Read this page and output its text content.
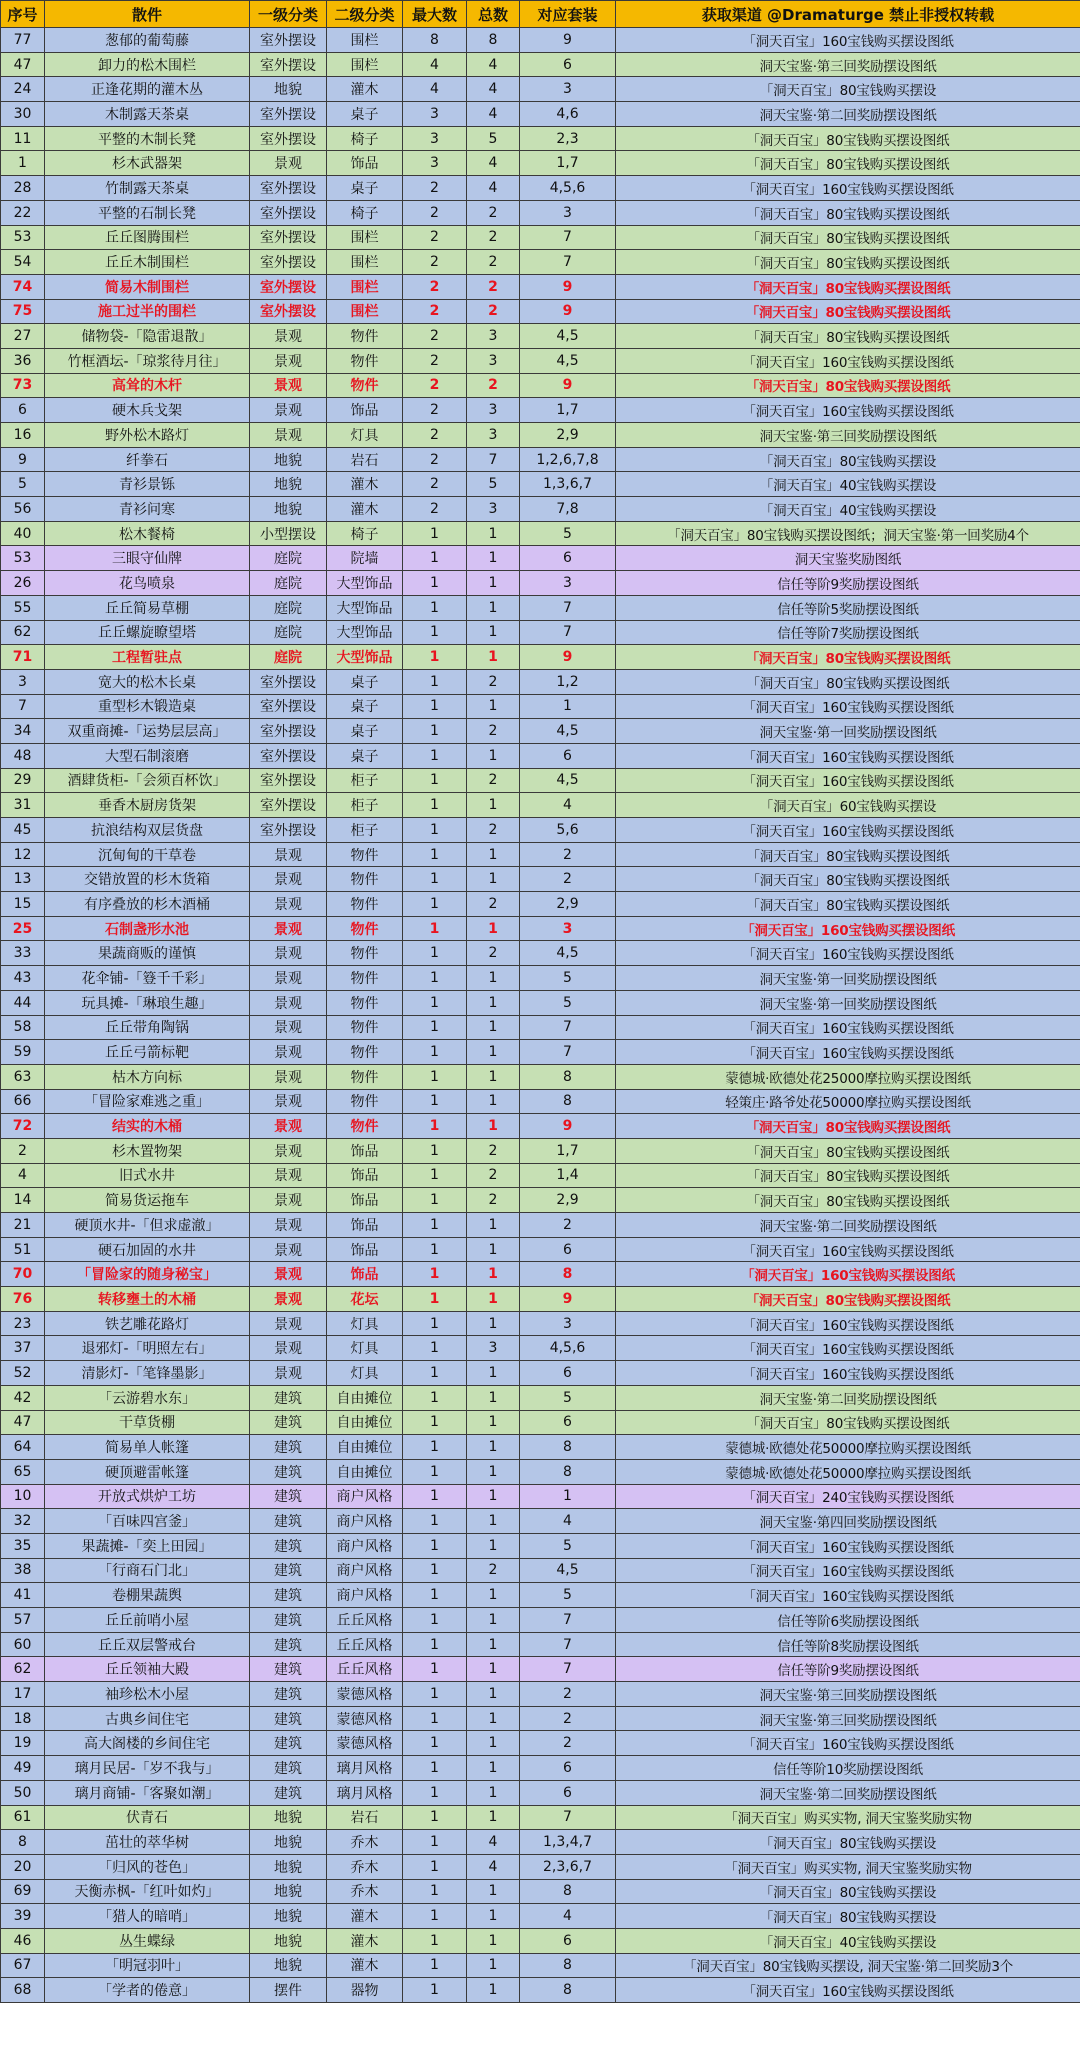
序号	散件	一级分类	二级分类	最大数	总数	对应套装	获取渠道 @Dramaturge 禁止非授权转载
77	葱郁的葡萄藤	室外摆设	围栏	8	8	9	「洞天百宝」160宝钱购买摆设图纸
47	卸力的松木围栏	室外摆设	围栏	4	4	6	洞天宝鉴·第三回奖励摆设图纸
24	正逢花期的灌木丛	地貌	灌木	4	4	3	「洞天百宝」80宝钱购买摆设
30	木制露天茶桌	室外摆设	桌子	3	4	4,6	洞天宝鉴·第二回奖励摆设图纸
11	平整的木制长凳	室外摆设	椅子	3	5	2,3	「洞天百宝」80宝钱购买摆设图纸
1	杉木武器架	景观	饰品	3	4	1,7	「洞天百宝」80宝钱购买摆设图纸
28	竹制露天茶桌	室外摆设	桌子	2	4	4,5,6	「洞天百宝」160宝钱购买摆设图纸
22	平整的石制长凳	室外摆设	椅子	2	2	3	「洞天百宝」80宝钱购买摆设图纸
53	丘丘图腾围栏	室外摆设	围栏	2	2	7	「洞天百宝」80宝钱购买摆设图纸
54	丘丘木制围栏	室外摆设	围栏	2	2	7	「洞天百宝」80宝钱购买摆设图纸
74	简易木制围栏	室外摆设	围栏	2	2	9	「洞天百宝」80宝钱购买摆设图纸
75	施工过半的围栏	室外摆设	围栏	2	2	9	「洞天百宝」80宝钱购买摆设图纸
27	储物袋-「隐雷退散」	景观	物件	2	3	4,5	「洞天百宝」80宝钱购买摆设图纸
36	竹框酒坛-「琼浆待月往」	景观	物件	2	3	4,5	「洞天百宝」160宝钱购买摆设图纸
73	高耸的木杆	景观	物件	2	2	9	「洞天百宝」80宝钱购买摆设图纸
6	硬木兵戈架	景观	饰品	2	3	1,7	「洞天百宝」160宝钱购买摆设图纸
16	野外松木路灯	景观	灯具	2	3	2,9	洞天宝鉴·第三回奖励摆设图纸
9	纤拳石	地貌	岩石	2	7	1,2,6,7,8	「洞天百宝」80宝钱购买摆设
5	青衫景铄	地貌	灌木	2	5	1,3,6,7	「洞天百宝」40宝钱购买摆设
56	青衫问寒	地貌	灌木	2	3	7,8	「洞天百宝」40宝钱购买摆设
40	松木餐椅	小型摆设	椅子	1	1	5	「洞天百宝」80宝钱购买摆设图纸；洞天宝鉴·第一回奖励4个
53	三眼守仙牌	庭院	院墙	1	1	6	洞天宝鉴奖励图纸
26	花鸟喷泉	庭院	大型饰品	1	1	3	信任等阶9奖励摆设图纸
55	丘丘简易草棚	庭院	大型饰品	1	1	7	信任等阶5奖励摆设图纸
62	丘丘螺旋瞭望塔	庭院	大型饰品	1	1	7	信任等阶7奖励摆设图纸
71	工程暂驻点	庭院	大型饰品	1	1	9	「洞天百宝」80宝钱购买摆设图纸
3	宽大的松木长桌	室外摆设	桌子	1	2	1,2	「洞天百宝」80宝钱购买摆设图纸
7	重型杉木锻造桌	室外摆设	桌子	1	1	1	「洞天百宝」160宝钱购买摆设图纸
34	双重商摊-「运势层层高」	室外摆设	桌子	1	2	4,5	洞天宝鉴·第一回奖励摆设图纸
48	大型石制滚磨	室外摆设	桌子	1	1	6	「洞天百宝」160宝钱购买摆设图纸
29	酒肆货柜-「会须百杯饮」	室外摆设	柜子	1	2	4,5	「洞天百宝」160宝钱购买摆设图纸
31	垂香木厨房货架	室外摆设	柜子	1	1	4	「洞天百宝」60宝钱购买摆设
45	抗浪结构双层货盘	室外摆设	柜子	1	2	5,6	「洞天百宝」160宝钱购买摆设图纸
12	沉甸甸的干草卷	景观	物件	1	1	2	「洞天百宝」80宝钱购买摆设图纸
13	交错放置的杉木货箱	景观	物件	1	1	2	「洞天百宝」80宝钱购买摆设图纸
15	有序叠放的杉木酒桶	景观	物件	1	2	2,9	「洞天百宝」80宝钱购买摆设图纸
25	石制盏形水池	景观	物件	1	1	3	「洞天百宝」160宝钱购买摆设图纸
33	果蔬商贩的谨慎	景观	物件	1	2	4,5	「洞天百宝」160宝钱购买摆设图纸
43	花伞铺-「簦千千彩」	景观	物件	1	1	5	洞天宝鉴·第一回奖励摆设图纸
44	玩具摊-「琳琅生趣」	景观	物件	1	1	5	洞天宝鉴·第一回奖励摆设图纸
58	丘丘带角陶锅	景观	物件	1	1	7	「洞天百宝」160宝钱购买摆设图纸
59	丘丘弓箭标靶	景观	物件	1	1	7	「洞天百宝」160宝钱购买摆设图纸
63	枯木方向标	景观	物件	1	1	8	蒙德城·欧德处花25000摩拉购买摆设图纸
66	「冒险家难逃之重」	景观	物件	1	1	8	轻策庄·路爷处花50000摩拉购买摆设图纸
72	结实的木桶	景观	物件	1	1	9	「洞天百宝」80宝钱购买摆设图纸
2	杉木置物架	景观	饰品	1	2	1,7	「洞天百宝」80宝钱购买摆设图纸
4	旧式水井	景观	饰品	1	2	1,4	「洞天百宝」80宝钱购买摆设图纸
14	简易货运拖车	景观	饰品	1	2	2,9	「洞天百宝」80宝钱购买摆设图纸
21	硬顶水井-「但求虚澈」	景观	饰品	1	1	2	洞天宝鉴·第二回奖励摆设图纸
51	硬石加固的水井	景观	饰品	1	1	6	「洞天百宝」160宝钱购买摆设图纸
70	「冒险家的随身秘宝」	景观	饰品	1	1	8	「洞天百宝」160宝钱购买摆设图纸
76	转移壅土的木桶	景观	花坛	1	1	9	「洞天百宝」80宝钱购买摆设图纸
23	铁艺雕花路灯	景观	灯具	1	1	3	「洞天百宝」160宝钱购买摆设图纸
37	退邪灯-「明照左右」	景观	灯具	1	3	4,5,6	「洞天百宝」160宝钱购买摆设图纸
52	清影灯-「笔锋墨影」	景观	灯具	1	1	6	「洞天百宝」160宝钱购买摆设图纸
42	「云游碧水东」	建筑	自由摊位	1	1	5	洞天宝鉴·第二回奖励摆设图纸
47	干草货棚	建筑	自由摊位	1	1	6	「洞天百宝」80宝钱购买摆设图纸
64	简易单人帐篷	建筑	自由摊位	1	1	8	蒙德城·欧德处花50000摩拉购买摆设图纸
65	硬顶避雷帐篷	建筑	自由摊位	1	1	8	蒙德城·欧德处花50000摩拉购买摆设图纸
10	开放式烘炉工坊	建筑	商户风格	1	1	1	「洞天百宝」240宝钱购买摆设图纸
32	「百味四宫釜」	建筑	商户风格	1	1	4	洞天宝鉴·第四回奖励摆设图纸
35	果蔬摊-「奕上田园」	建筑	商户风格	1	1	5	「洞天百宝」160宝钱购买摆设图纸
38	「行商石门北」	建筑	商户风格	1	2	4,5	「洞天百宝」160宝钱购买摆设图纸
41	卷棚果蔬舆	建筑	商户风格	1	1	5	「洞天百宝」160宝钱购买摆设图纸
57	丘丘前哨小屋	建筑	丘丘风格	1	1	7	信任等阶6奖励摆设图纸
60	丘丘双层警戒台	建筑	丘丘风格	1	1	7	信任等阶8奖励摆设图纸
62	丘丘领袖大殿	建筑	丘丘风格	1	1	7	信任等阶9奖励摆设图纸
17	袖珍松木小屋	建筑	蒙德风格	1	1	2	洞天宝鉴·第三回奖励摆设图纸
18	古典乡间住宅	建筑	蒙德风格	1	1	2	洞天宝鉴·第三回奖励摆设图纸
19	高大阁楼的乡间住宅	建筑	蒙德风格	1	1	2	「洞天百宝」160宝钱购买摆设图纸
49	璃月民居-「岁不我与」	建筑	璃月风格	1	1	6	信任等阶10奖励摆设图纸
50	璃月商铺-「客聚如潮」	建筑	璃月风格	1	1	6	洞天宝鉴·第二回奖励摆设图纸
61	伏青石	地貌	岩石	1	1	7	「洞天百宝」购买实物, 洞天宝鉴奖励实物
8	茁壮的萃华树	地貌	乔木	1	4	1,3,4,7	「洞天百宝」80宝钱购买摆设
20	「归风的苍色」	地貌	乔木	1	4	2,3,6,7	「洞天百宝」购买实物, 洞天宝鉴奖励实物
69	天衡赤枫-「红叶如灼」	地貌	乔木	1	1	8	「洞天百宝」80宝钱购买摆设
39	「猎人的暗哨」	地貌	灌木	1	1	4	「洞天百宝」80宝钱购买摆设
46	丛生蝶绿	地貌	灌木	1	1	6	「洞天百宝」40宝钱购买摆设
67	「明冠羽叶」	地貌	灌木	1	1	8	「洞天百宝」80宝钱购买摆设, 洞天宝鉴·第二回奖励3个
68	「学者的倦意」	摆件	器物	1	1	8	「洞天百宝」160宝钱购买摆设图纸
